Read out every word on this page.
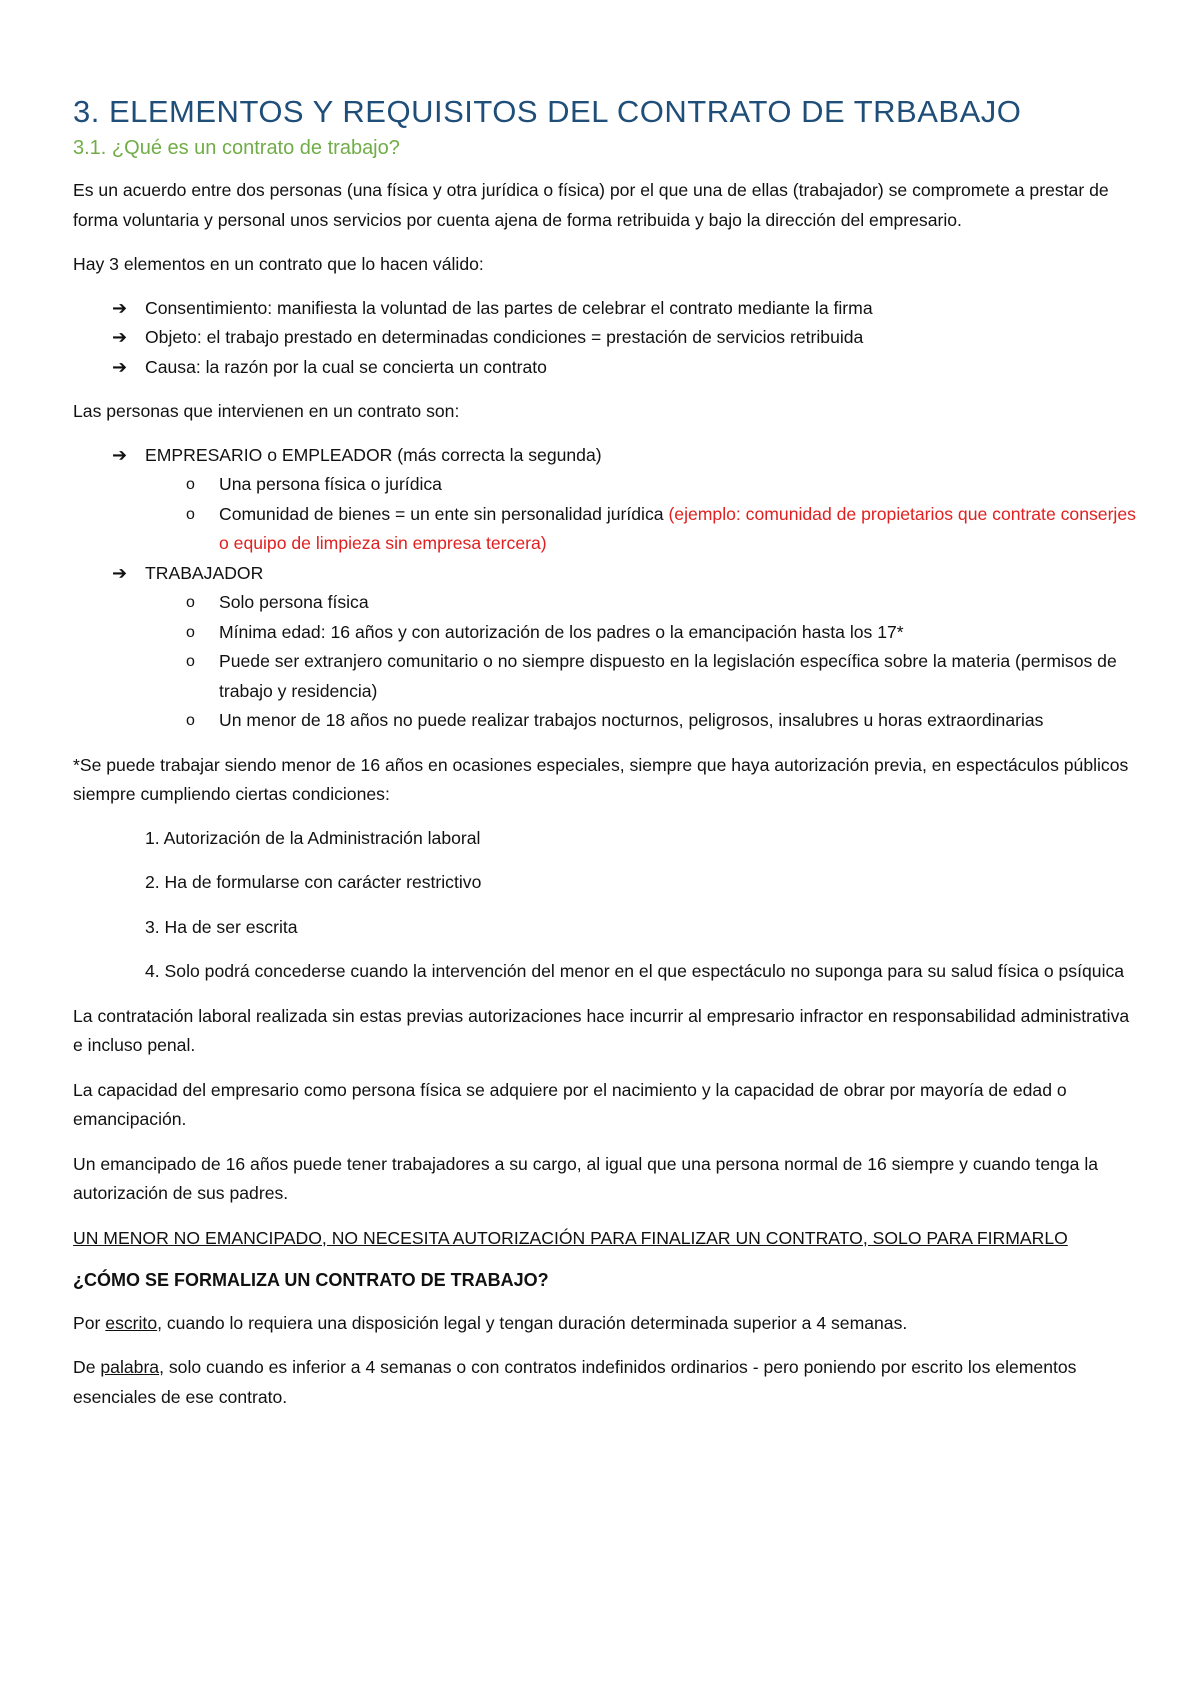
3. ELEMENTOS Y REQUISITOS DEL CONTRATO DE TRBABAJO
3.1. ¿Qué es un contrato de trabajo?

Es un acuerdo entre dos personas (una física y otra jurídica o física) por el que una de ellas (trabajador) se compromete a prestar de forma voluntaria y personal unos servicios por cuenta ajena de forma retribuida y bajo la dirección del empresario.

Hay 3 elementos en un contrato que lo hacen válido:

➔ Consentimiento: manifiesta la voluntad de las partes de celebrar el contrato mediante la firma
➔ Objeto: el trabajo prestado en determinadas condiciones = prestación de servicios retribuida
➔ Causa: la razón por la cual se concierta un contrato

Las personas que intervienen en un contrato son:

➔ EMPRESARIO o EMPLEADOR (más correcta la segunda)
o Una persona física o jurídica
o Comunidad de bienes = un ente sin personalidad jurídica (ejemplo: comunidad de propietarios que contrate conserjes o equipo de limpieza sin empresa tercera)
➔ TRABAJADOR
o Solo persona física
o Mínima edad: 16 años y con autorización de los padres o la emancipación hasta los 17*
o Puede ser extranjero comunitario o no siempre dispuesto en la legislación específica sobre la materia (permisos de trabajo y residencia)
o Un menor de 18 años no puede realizar trabajos nocturnos, peligrosos, insalubres u horas extraordinarias

*Se puede trabajar siendo menor de 16 años en ocasiones especiales, siempre que haya autorización previa, en espectáculos públicos siempre cumpliendo ciertas condiciones:

1. Autorización de la Administración laboral
2. Ha de formularse con carácter restrictivo
3. Ha de ser escrita
4. Solo podrá concederse cuando la intervención del menor en el que espectáculo no suponga para su salud física o psíquica

La contratación laboral realizada sin estas previas autorizaciones hace incurrir al empresario infractor en responsabilidad administrativa e incluso penal.

La capacidad del empresario como persona física se adquiere por el nacimiento y la capacidad de obrar por mayoría de edad o emancipación.

Un emancipado de 16 años puede tener trabajadores a su cargo, al igual que una persona normal de 16 siempre y cuando tenga la autorización de sus padres.

UN MENOR NO EMANCIPADO, NO NECESITA AUTORIZACIÓN PARA FINALIZAR UN CONTRATO, SOLO PARA FIRMARLO

¿CÓMO SE FORMALIZA UN CONTRATO DE TRABAJO?

Por escrito, cuando lo requiera una disposición legal y tengan duración determinada superior a 4 semanas.

De palabra, solo cuando es inferior a 4 semanas o con contratos indefinidos ordinarios - pero poniendo por escrito los elementos esenciales de ese contrato.
